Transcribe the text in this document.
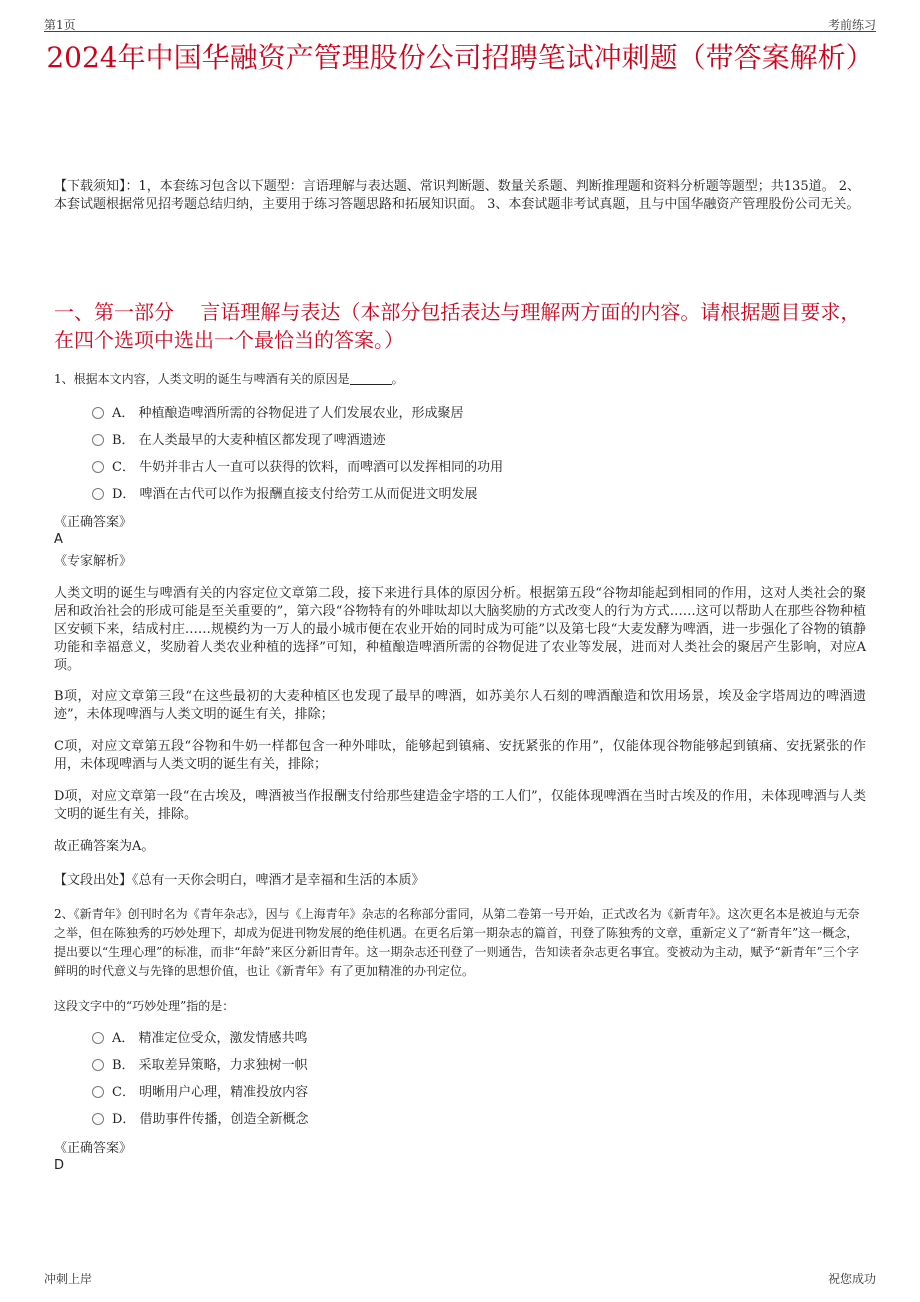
第1页	考前练习
2024年中国华融资产管理股份公司招聘笔试冲刺题（带答案解析）
【下载须知】：1，本套练习包含以下题型：言语理解与表达题、常识判断题、数量关系题、判断推理题和资料分析题等题型；共135道。 2、本套试题根据常见招考题总结归纳，主要用于练习答题思路和拓展知识面。 3、本套试题非考试真题，且与中国华融资产管理股份公司无关。
一、第一部分　 言语理解与表达（本部分包括表达与理解两方面的内容。请根据题目要求，在四个选项中选出一个最恰当的答案。）
1、根据本文内容，人类文明的诞生与啤酒有关的原因是	。
A． 种植酿造啤酒所需的谷物促进了人们发展农业，形成聚居
B． 在人类最早的大麦种植区都发现了啤酒遗迹
C． 牛奶并非古人一直可以获得的饮料，而啤酒可以发挥相同的功用
D． 啤酒在古代可以作为报酬直接支付给劳工从而促进文明发展
《正确答案》
A
《专家解析》
人类文明的诞生与啤酒有关的内容定位文章第二段，接下来进行具体的原因分析。根据第五段“谷物却能起到相同的作用，这对人类社会的聚居和政治社会的形成可能是至关重要的”，第六段“谷物特有的外啡呔却以大脑奖励的方式改变人的行为方式……这可以帮助人在那些谷物种植区安顿下来，结成村庄……规模约为一万人的最小城市便在农业开始的同时成为可能”以及第七段“大麦发酵为啤酒，进一步强化了谷物的镇静功能和幸福意义，奖励着人类农业种植的选择”可知，种植酿造啤酒所需的谷物促进了农业等发展，进而对人类社会的聚居产生影响，对应A项。
B项，对应文章第三段“在这些最初的大麦种植区也发现了最早的啤酒，如苏美尔人石刻的啤酒酿造和饮用场景，埃及金字塔周边的啤酒遗迹”，未体现啤酒与人类文明的诞生有关，排除；
C项，对应文章第五段“谷物和牛奶一样都包含一种外啡呔，能够起到镇痛、安抚紧张的作用”，仅能体现谷物能够起到镇痛、安抚紧张的作用，未体现啤酒与人类文明的诞生有关，排除；
D项，对应文章第一段“在古埃及，啤酒被当作报酬支付给那些建造金字塔的工人们”，仅能体现啤酒在当时古埃及的作用，未体现啤酒与人类文明的诞生有关，排除。
故正确答案为A。
【文段出处】《总有一天你会明白，啤酒才是幸福和生活的本质》
2、《新青年》创刊时名为《青年杂志》，因与《上海青年》杂志的名称部分雷同，从第二卷第一号开始，正式改名为《新青年》。这次更名本是被迫与无奈之举，但在陈独秀的巧妙处理下，却成为促进刊物发展的绝佳机遇。在更名后第一期杂志的篇首，刊登了陈独秀的文章，重新定义了“新青年”这一概念，提出要以“生理心理”的标准，而非“年龄”来区分新旧青年。这一期杂志还刊登了一则通告，告知读者杂志更名事宜。变被动为主动，赋予“新青年”三个字鲜明的时代意义与先锋的思想价值，也让《新青年》有了更加精准的办刊定位。
这段文字中的“巧妙处理”指的是：
A． 精准定位受众，激发情感共鸣
B． 采取差异策略，力求独树一帜
C． 明晰用户心理，精准投放内容
D． 借助事件传播，创造全新概念
《正确答案》
D
冲刺上岸	祝您成功
